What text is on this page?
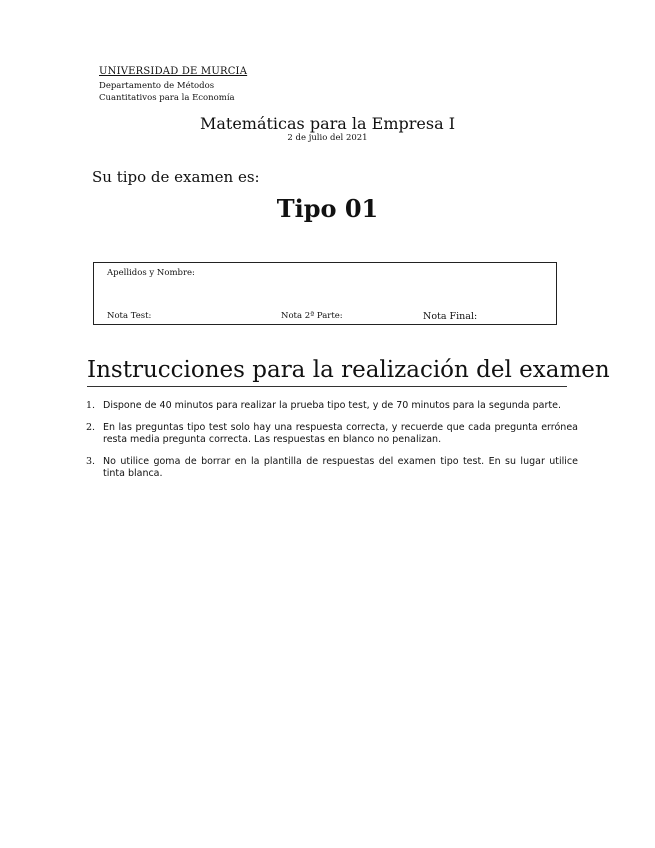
UNIVERSIDAD DE MURCIA
Departamento de Métodos
Cuantitativos para la Economía
Matemáticas para la Empresa I
2 de julio del 2021
Su tipo de examen es:
Tipo 01
Apellidos y Nombre:
Nota Test:	Nota 2ª Parte:	Nota Final:
Instrucciones para la realización del examen
1. Dispone de 40 minutos para realizar la prueba tipo test, y de 70 minutos para la segunda parte.
2. En las preguntas tipo test solo hay una respuesta correcta, y recuerde que cada pregunta errónea resta media pregunta correcta. Las respuestas en blanco no penalizan.
3. No utilice goma de borrar en la plantilla de respuestas del examen tipo test. En su lugar utilice tinta blanca.
